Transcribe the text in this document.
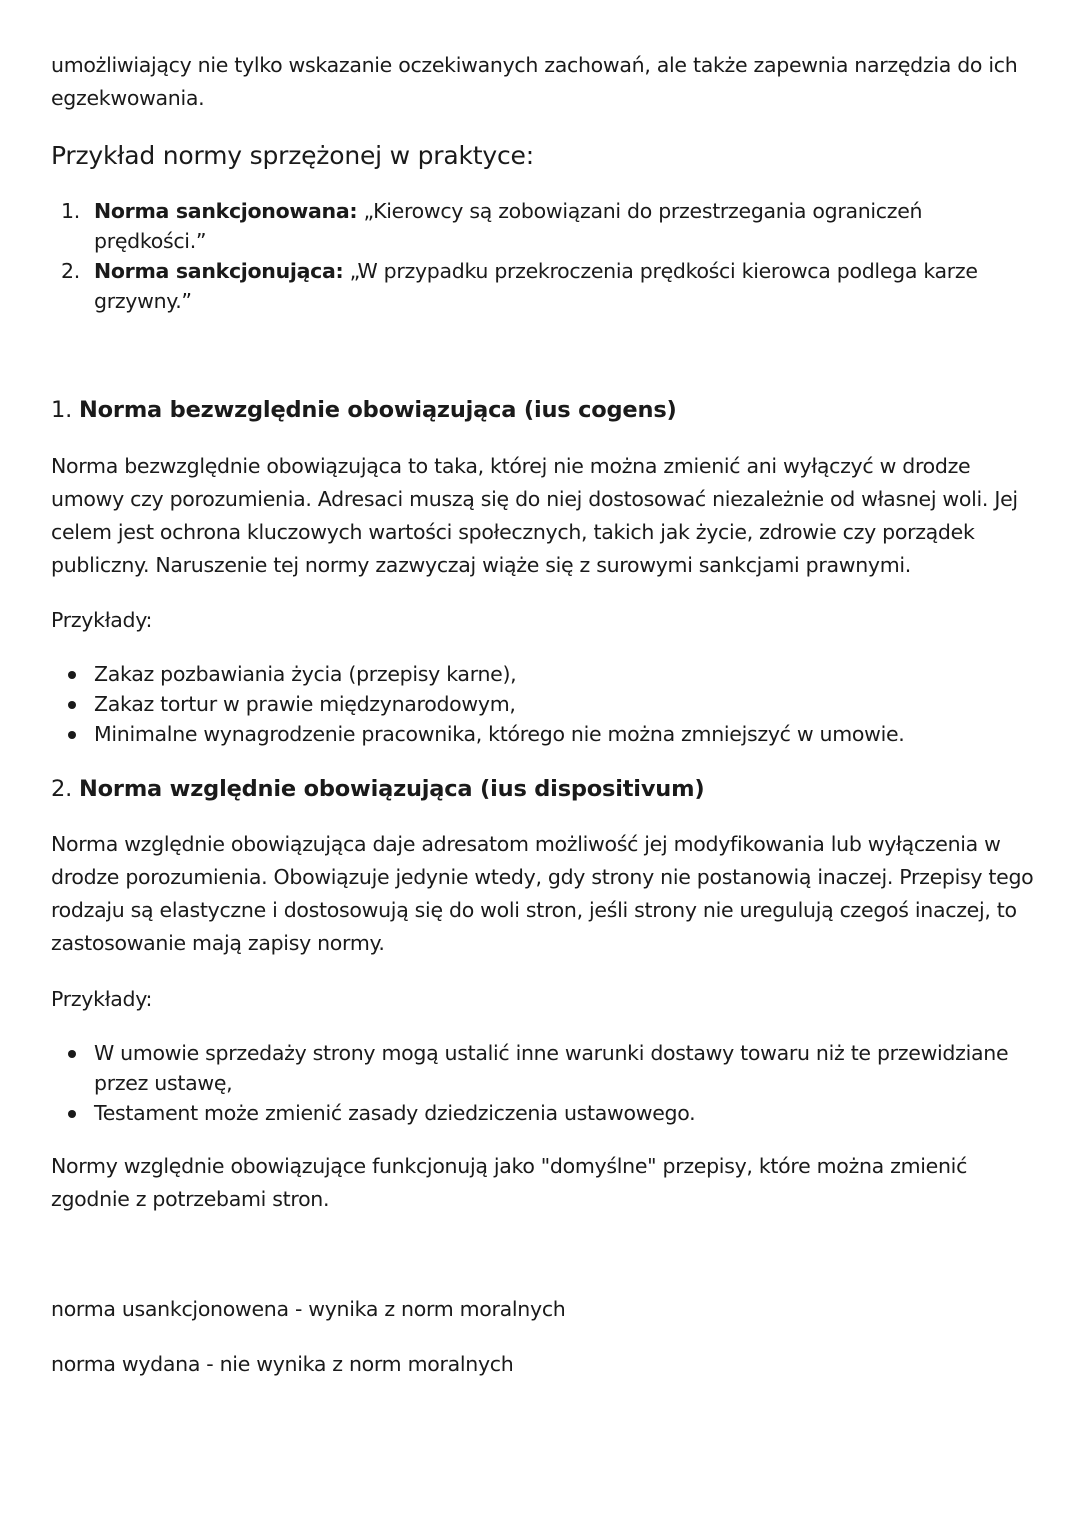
umożliwiający nie tylko wskazanie oczekiwanych zachowań, ale także zapewnia narzędzia do ich egzekwowania.
Przykład normy sprzężonej w praktyce:
1. Norma sankcjonowana: „Kierowcy są zobowiązani do przestrzegania ograniczeń prędkości.”
2. Norma sankcjonująca: „W przypadku przekroczenia prędkości kierowca podlega karze grzywny.”
1. Norma bezwzględnie obowiązująca (ius cogens)
Norma bezwzględnie obowiązująca to taka, której nie można zmienić ani wyłączyć w drodze umowy czy porozumienia. Adresaci muszą się do niej dostosować niezależnie od własnej woli. Jej celem jest ochrona kluczowych wartości społecznych, takich jak życie, zdrowie czy porządek publiczny. Naruszenie tej normy zazwyczaj wiąże się z surowymi sankcjami prawnymi.
Przykłady:
Zakaz pozbawiania życia (przepisy karne),
Zakaz tortur w prawie międzynarodowym,
Minimalne wynagrodzenie pracownika, którego nie można zmniejszyć w umowie.
2. Norma względnie obowiązująca (ius dispositivum)
Norma względnie obowiązująca daje adresatom możliwość jej modyfikowania lub wyłączenia w drodze porozumienia. Obowiązuje jedynie wtedy, gdy strony nie postanowią inaczej. Przepisy tego rodzaju są elastyczne i dostosowują się do woli stron, jeśli strony nie uregulują czegoś inaczej, to zastosowanie mają zapisy normy.
Przykłady:
W umowie sprzedaży strony mogą ustalić inne warunki dostawy towaru niż te przewidziane przez ustawę,
Testament może zmienić zasady dziedziczenia ustawowego.
Normy względnie obowiązujące funkcjonują jako "domyślne" przepisy, które można zmienić zgodnie z potrzebami stron.
norma usankcjonowena - wynika z norm moralnych
norma wydana - nie wynika z norm moralnych
